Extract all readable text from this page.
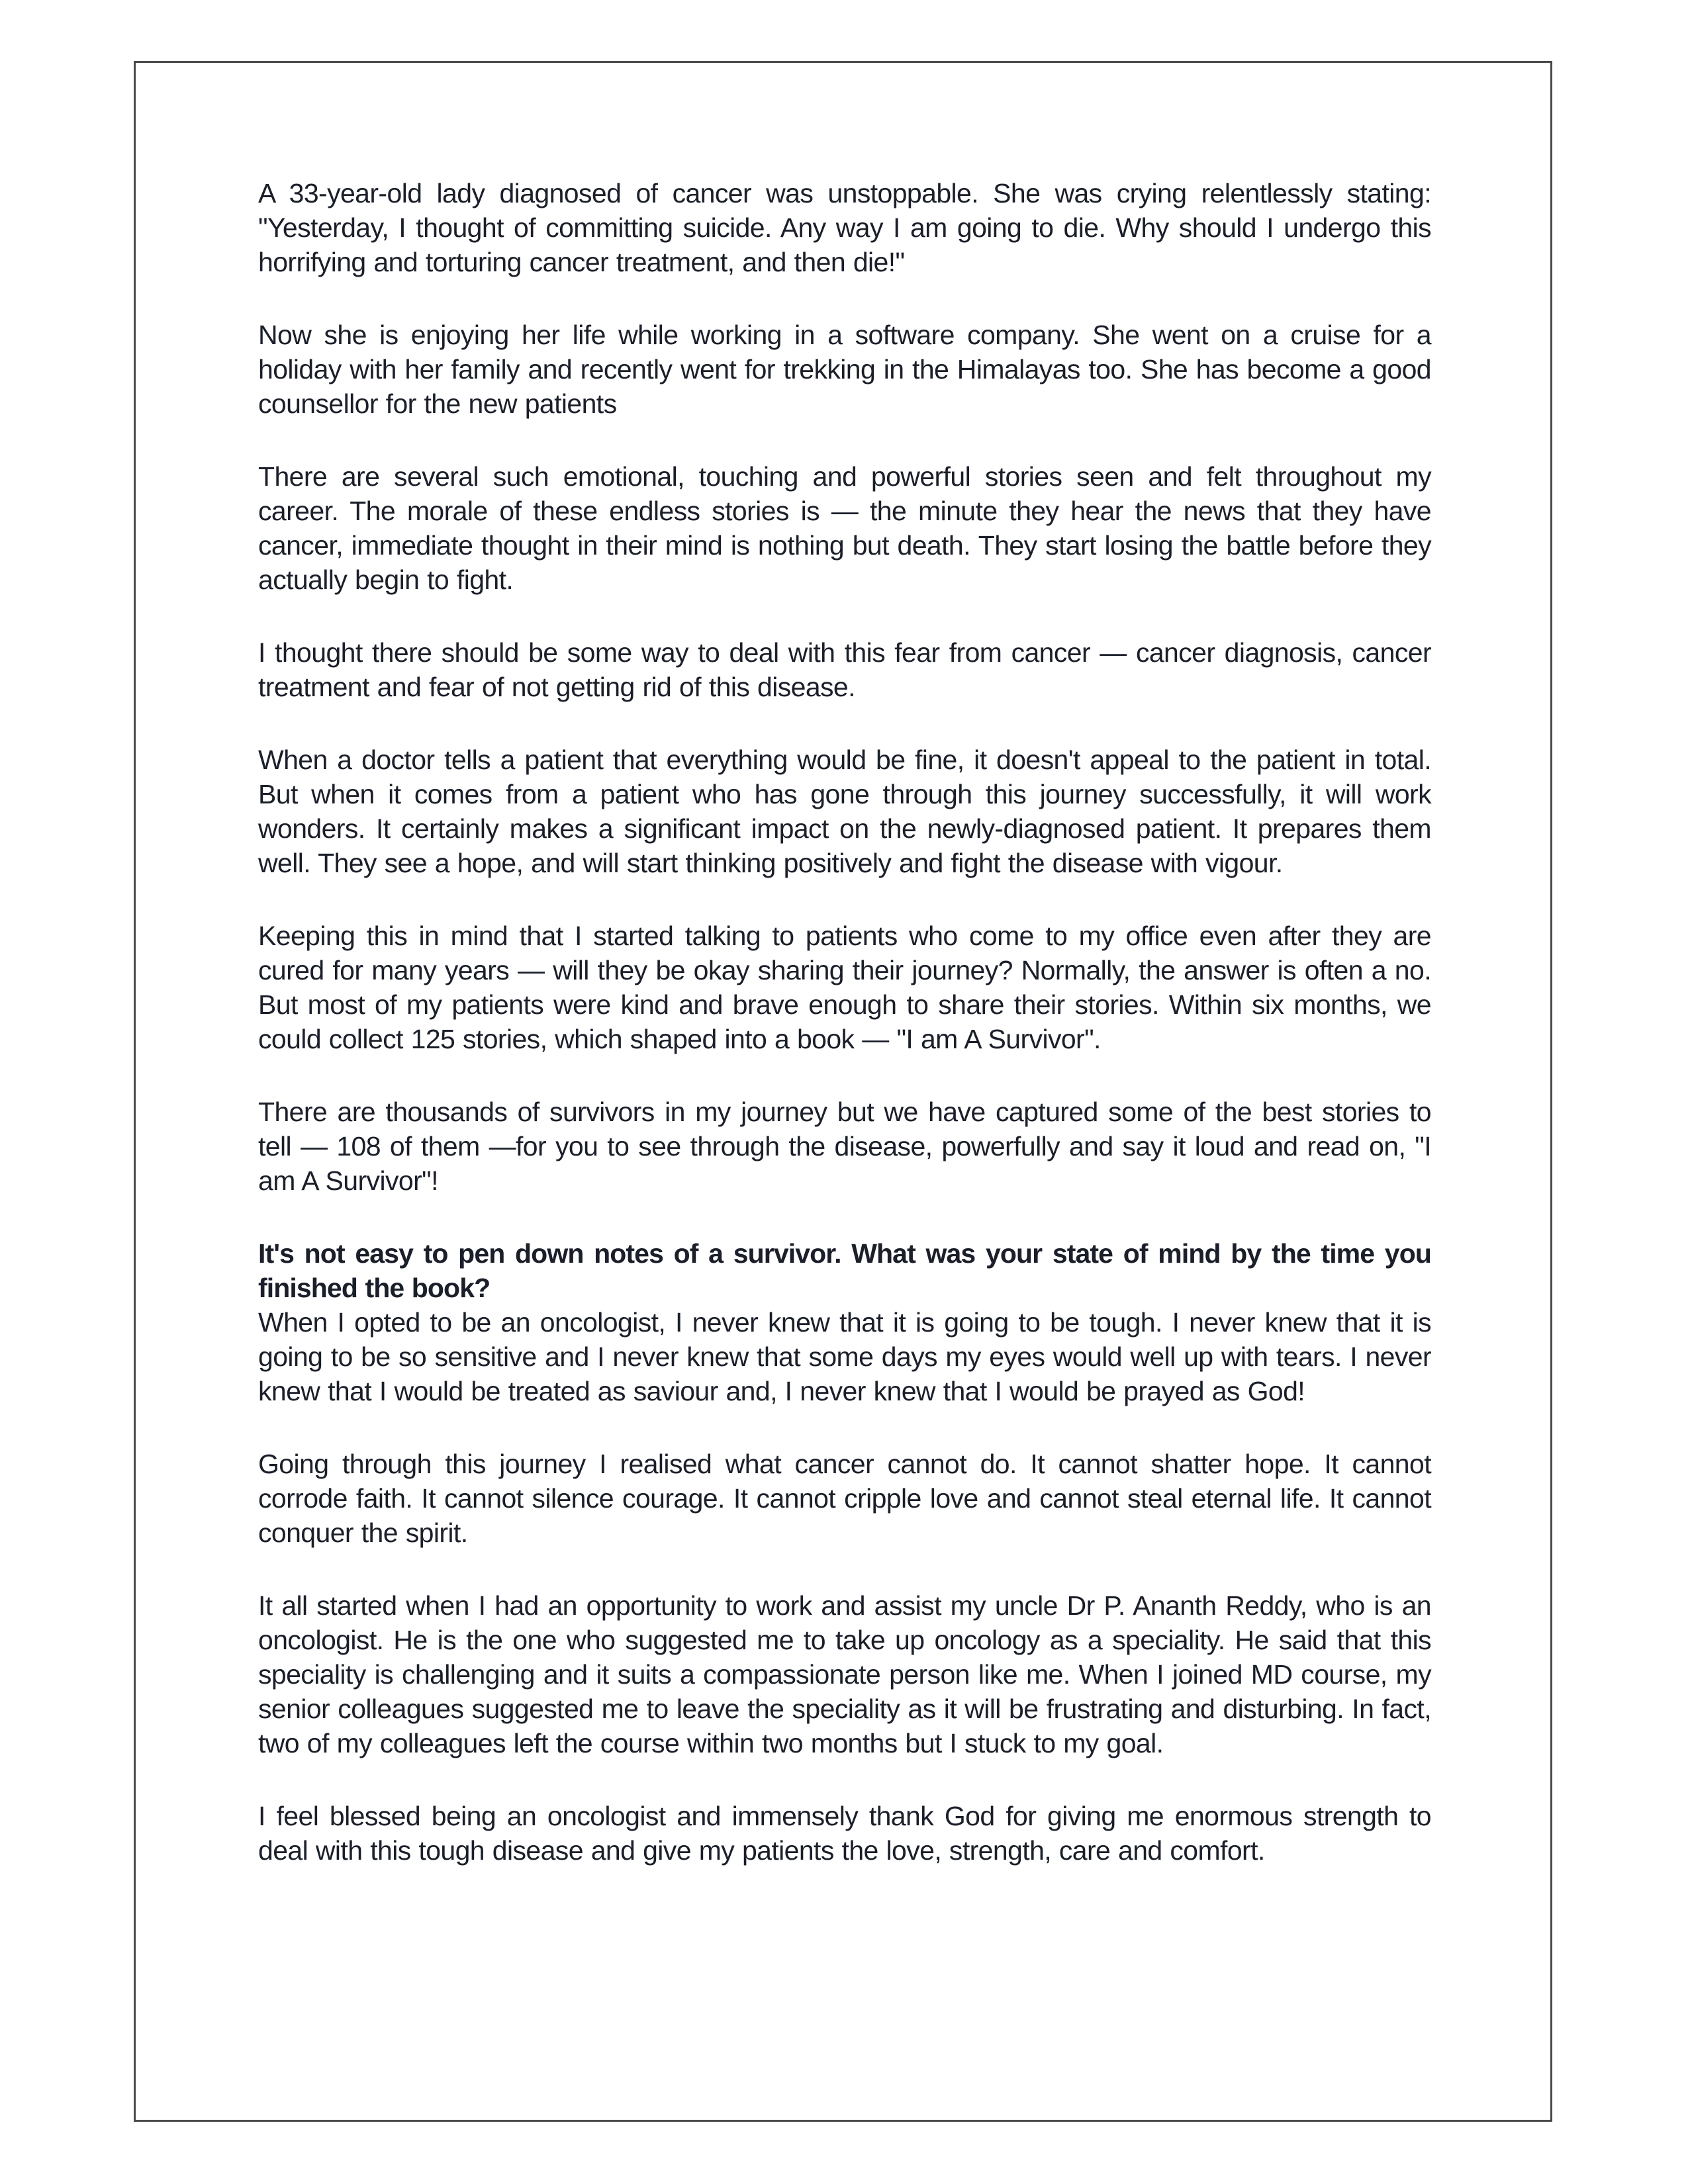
A 33-year-old lady diagnosed of cancer was unstoppable. She was crying relentlessly stating: "Yesterday, I thought of committing suicide. Any way I am going to die. Why should I undergo this horrifying and torturing cancer treatment, and then die!"

Now she is enjoying her life while working in a software company. She went on a cruise for a holiday with her family and recently went for trekking in the Himalayas too. She has become a good counsellor for the new patients

There are several such emotional, touching and powerful stories seen and felt throughout my career. The morale of these endless stories is — the minute they hear the news that they have cancer, immediate thought in their mind is nothing but death. They start losing the battle before they actually begin to fight.

I thought there should be some way to deal with this fear from cancer — cancer diagnosis, cancer treatment and fear of not getting rid of this disease.

When a doctor tells a patient that everything would be fine, it doesn't appeal to the patient in total. But when it comes from a patient who has gone through this journey successfully, it will work wonders. It certainly makes a significant impact on the newly-diagnosed patient. It prepares them well. They see a hope, and will start thinking positively and fight the disease with vigour.

Keeping this in mind that I started talking to patients who come to my office even after they are cured for many years — will they be okay sharing their journey? Normally, the answer is often a no. But most of my patients were kind and brave enough to share their stories. Within six months, we could collect 125 stories, which shaped into a book — "I am A Survivor".

There are thousands of survivors in my journey but we have captured some of the best stories to tell — 108 of them —for you to see through the disease, powerfully and say it loud and read on, "I am A Survivor"!

It's not easy to pen down notes of a survivor. What was your state of mind by the time you finished the book?

When I opted to be an oncologist, I never knew that it is going to be tough. I never knew that it is going to be so sensitive and I never knew that some days my eyes would well up with tears. I never knew that I would be treated as saviour and, I never knew that I would be prayed as God!

Going through this journey I realised what cancer cannot do. It cannot shatter hope. It cannot corrode faith. It cannot silence courage. It cannot cripple love and cannot steal eternal life. It cannot conquer the spirit.

It all started when I had an opportunity to work and assist my uncle Dr P. Ananth Reddy, who is an oncologist. He is the one who suggested me to take up oncology as a speciality. He said that this speciality is challenging and it suits a compassionate person like me. When I joined MD course, my senior colleagues suggested me to leave the speciality as it will be frustrating and disturbing. In fact, two of my colleagues left the course within two months but I stuck to my goal.

I feel blessed being an oncologist and immensely thank God for giving me enormous strength to deal with this tough disease and give my patients the love, strength, care and comfort.
